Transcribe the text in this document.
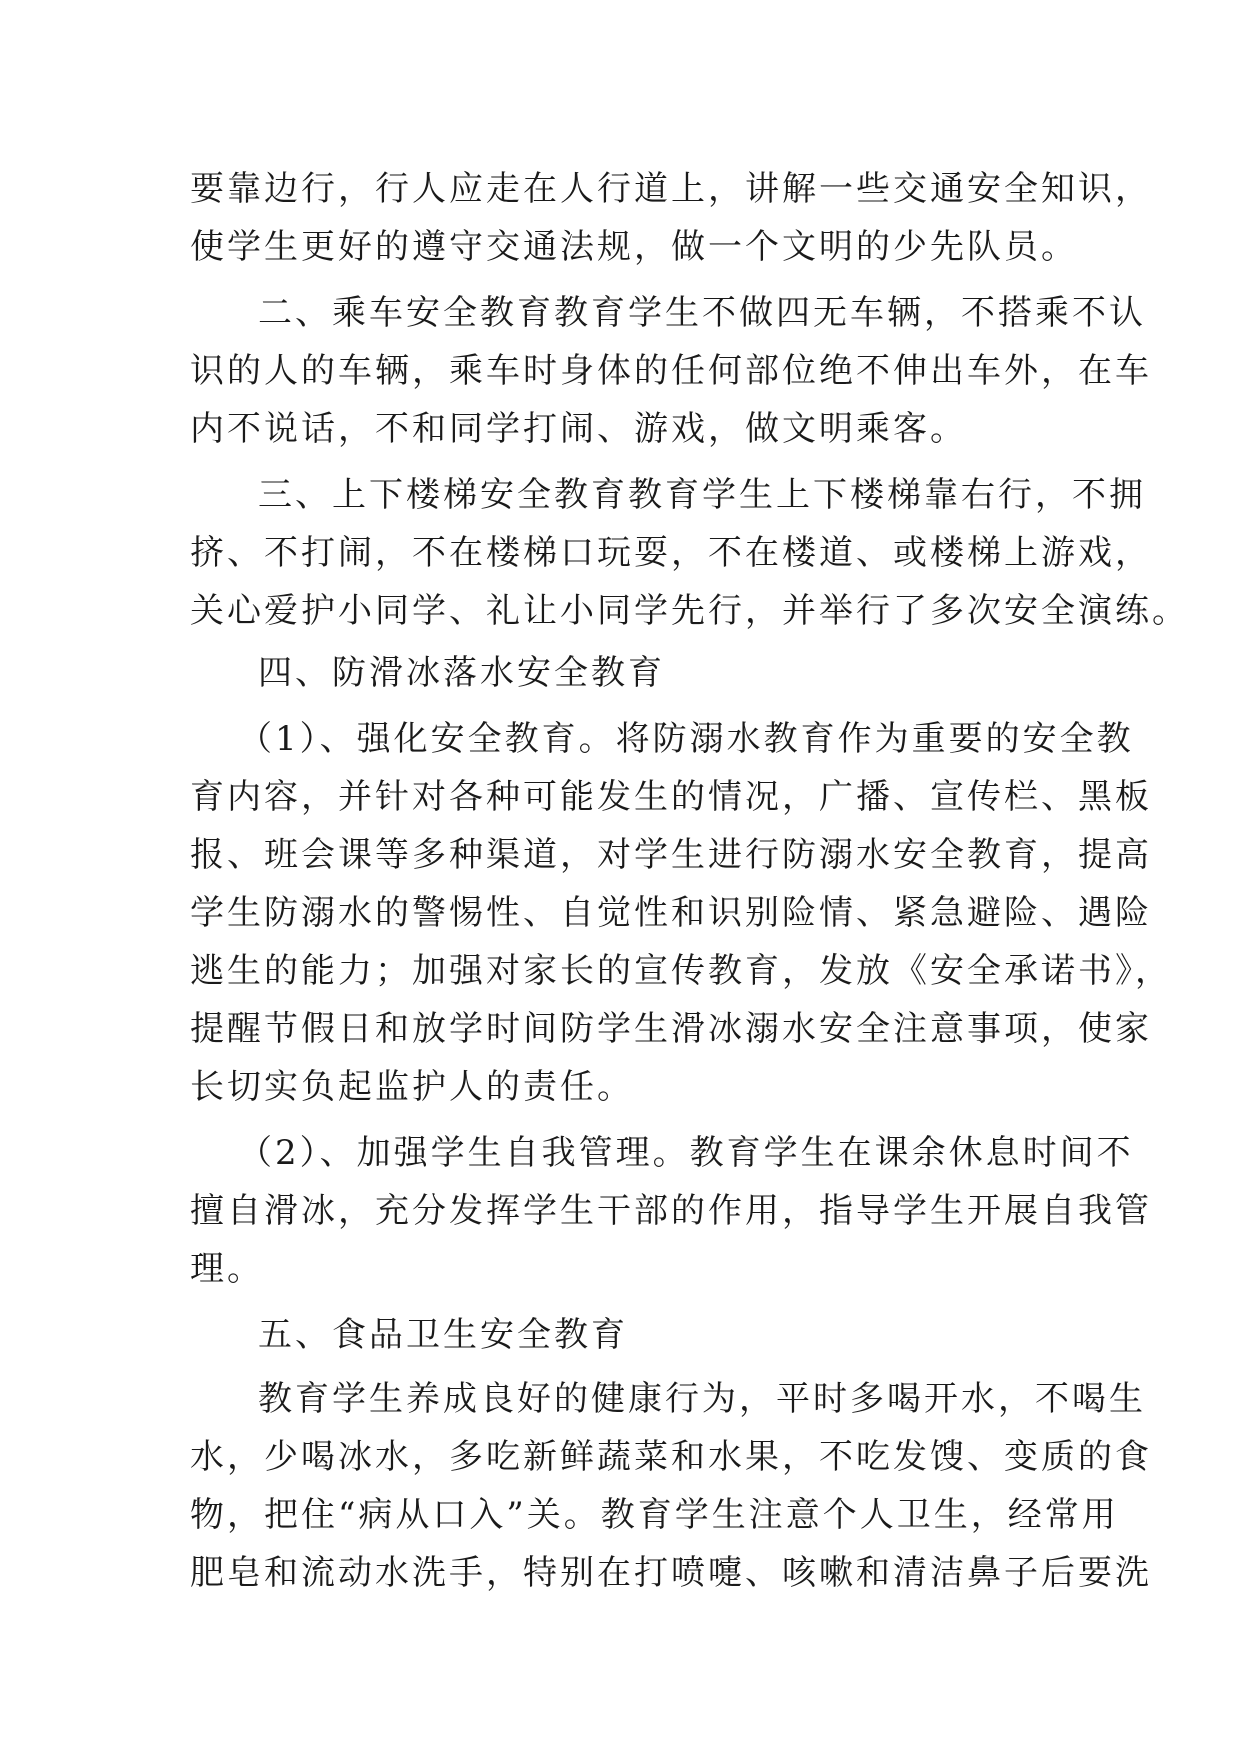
要靠边行，行人应走在人行道上，讲解一些交通安全知识，
使学生更好的遵守交通法规，做一个文明的少先队员。
二、乘车安全教育教育学生不做四无车辆，不搭乘不认
识的人的车辆，乘车时身体的任何部位绝不伸出车外，在车
内不说话，不和同学打闹、游戏，做文明乘客。
三、上下楼梯安全教育教育学生上下楼梯靠右行，不拥
挤、不打闹，不在楼梯口玩耍，不在楼道、或楼梯上游戏，
关心爱护小同学、礼让小同学先行，并举行了多次安全演练。
四、防滑冰落水安全教育
（1）、强化安全教育。将防溺水教育作为重要的安全教
育内容，并针对各种可能发生的情况，广播、宣传栏、黑板
报、班会课等多种渠道，对学生进行防溺水安全教育，提高
学生防溺水的警惕性、自觉性和识别险情、紧急避险、遇险
逃生的能力；加强对家长的宣传教育，发放《安全承诺书》，
提醒节假日和放学时间防学生滑冰溺水安全注意事项，使家
长切实负起监护人的责任。
（2）、加强学生自我管理。教育学生在课余休息时间不
擅自滑冰，充分发挥学生干部的作用，指导学生开展自我管
理。
五、食品卫生安全教育
教育学生养成良好的健康行为，平时多喝开水，不喝生
水，少喝冰水，多吃新鲜蔬菜和水果，不吃发馊、变质的食
物，把住“病从口入”关。教育学生注意个人卫生，经常用
肥皂和流动水洗手，特别在打喷嚏、咳嗽和清洁鼻子后要洗
